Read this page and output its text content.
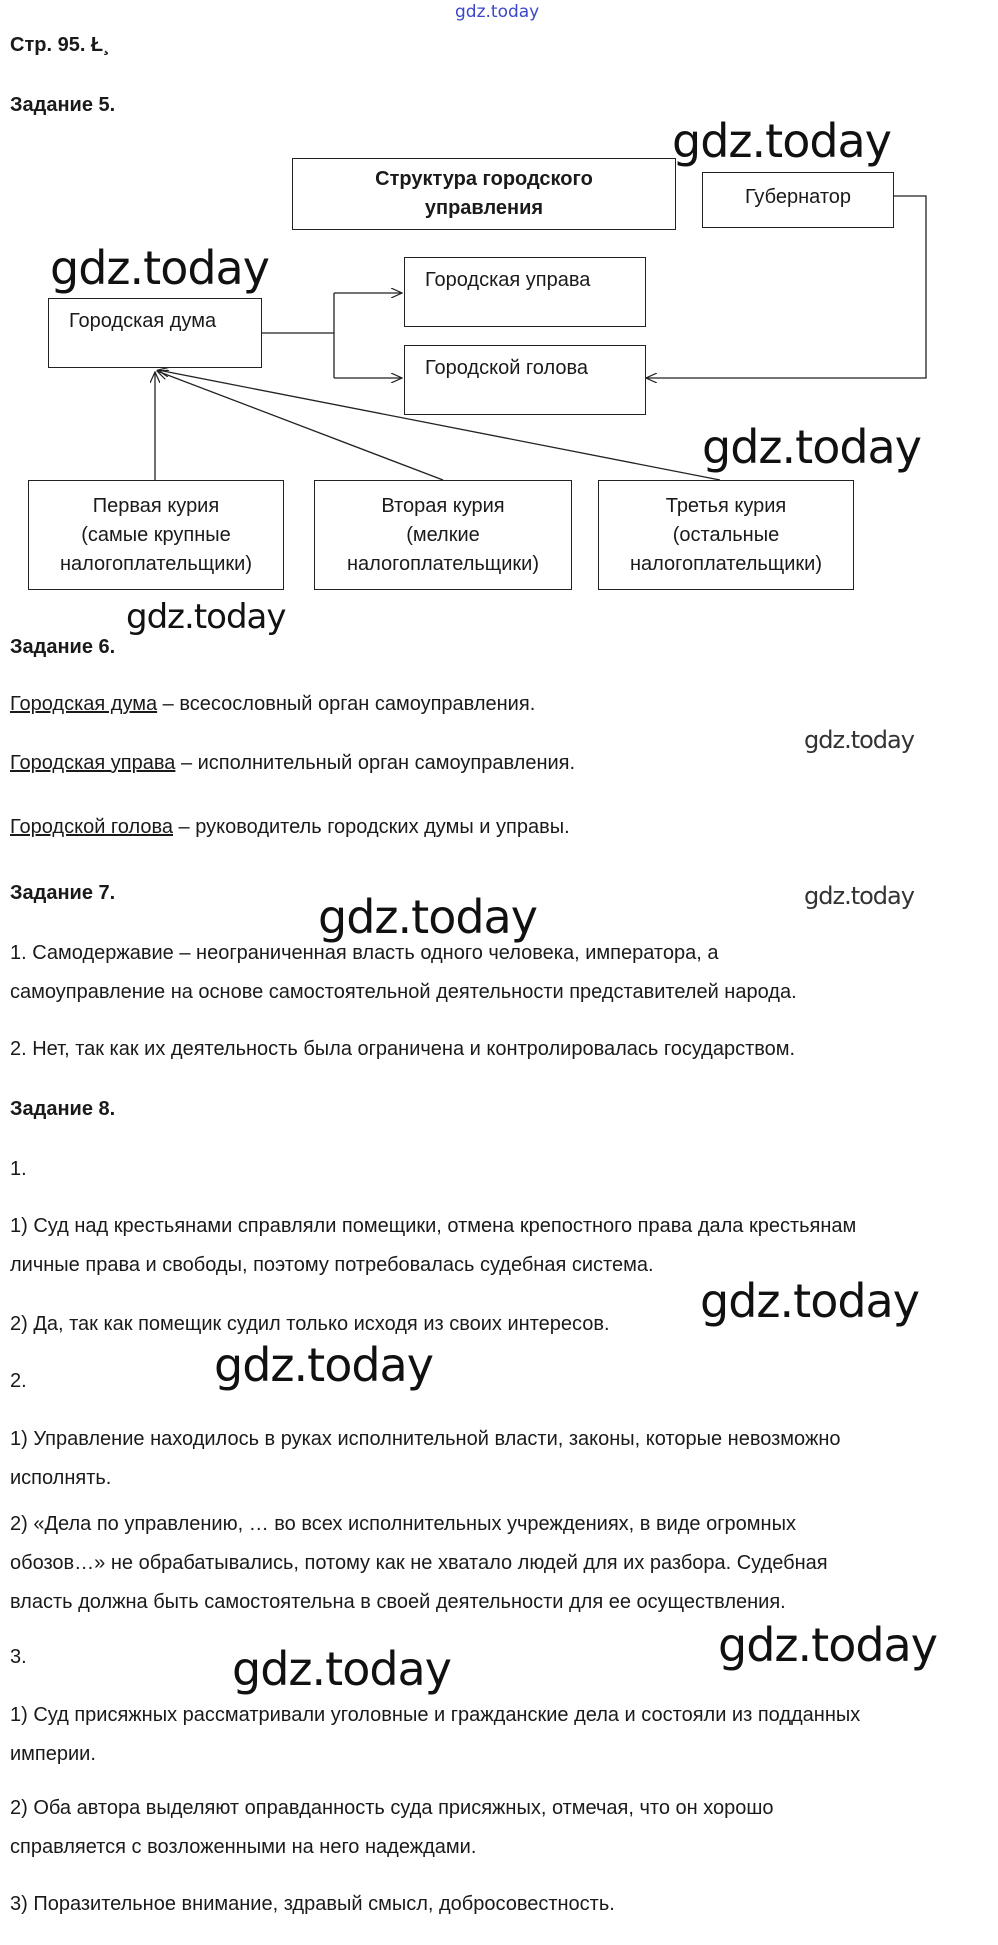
gdz.today
Стр. 95. Ł¸
Задание 5.
Структура городского
управления	Губернатор
Городская дума
Городская управа
Городской голова
Первая курия
(самые крупные
налогоплательщики)
Вторая курия
(мелкие
налогоплательщики)
Третья курия
(остальные
налогоплательщики)
Задание 6.
Городская дума – всесословный орган самоуправления.
Городская управа – исполнительный орган самоуправления.
Городской голова – руководитель городских думы и управы.
Задание 7.
1. Самодержавие – неограниченная власть одного человека, императора, а
самоуправление на основе самостоятельной деятельности представителей народа.
2. Нет, так как их деятельность была ограничена и контролировалась государством.
Задание 8.
1.
1) Суд над крестьянами справляли помещики, отмена крепостного права дала крестьянам
личные права и свободы, поэтому потребовалась судебная система.
2) Да, так как помещик судил только исходя из своих интересов.
2.
1) Управление находилось в руках исполнительной власти, законы, которые невозможно
исполнять.
2) «Дела по управлению, … во всех исполнительных учреждениях, в виде огромных
обозов…» не обрабатывались, потому как не хватало людей для их разбора. Судебная
власть должна быть самостоятельна в своей деятельности для ее осуществления.
3.
1) Суд присяжных рассматривали уголовные и гражданские дела и состояли из подданных
империи.
2) Оба автора выделяют оправданность суда присяжных, отмечая, что он хорошо
справляется с возложенными на него надеждами.
3) Поразительное внимание, здравый смысл, добросовестность.
gdz.today
gdz.today
gdz.today
gdz.today
gdz.today
gdz.today
gdz.today
gdz.today
gdz.today
gdz.today
gdz.today
